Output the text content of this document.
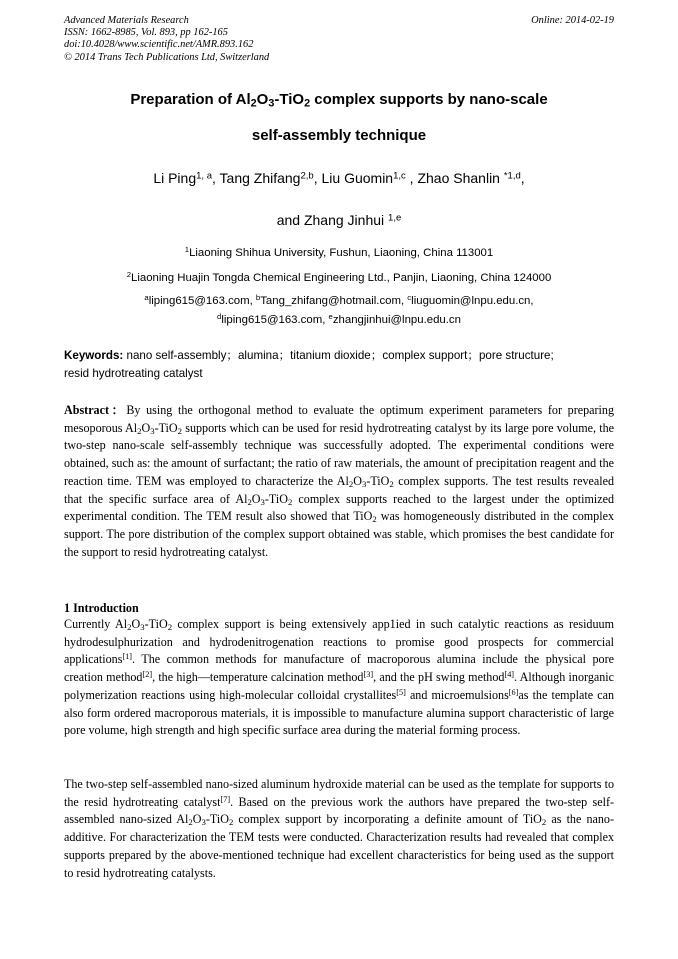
Advanced Materials Research
ISSN: 1662-8985, Vol. 893, pp 162-165
doi:10.4028/www.scientific.net/AMR.893.162
© 2014 Trans Tech Publications Ltd, Switzerland
Online: 2014-02-19
Preparation of $Al_2O_3-TiO_2$ complex supports by nano-scale
self-assembly technique
Li Ping$^{1, a}$, Tang Zhifang$^{2,b}$, Liu Guomin$^{1,c}$ , Zhao Shanlin $^{*1,d}$,
and Zhang Jinhui $^{1,e}$
$^1$Liaoning Shihua University, Fushun, Liaoning, China 113001
$^2$Liaoning Huajin Tongda Chemical Engineering Ltd., Panjin, Liaoning, China 124000
$^a$liping615@163.com, $^b$Tang_zhifang@hotmail.com, $^c$liuguomin@lnpu.edu.cn,
$^d$liping615@163.com, $^e$zhangjinhui@lnpu.edu.cn
Keywords: nano self-assembly；alumina；titanium dioxide；complex support；pore structure;
resid hydrotreating catalyst
Abstract：By using the orthogonal method to evaluate the optimum experiment parameters for preparing mesoporous $Al_2O_3-TiO_2$ supports which can be used for resid hydrotreating catalyst by its large pore volume, the two-step nano-scale self-assembly technique was successfully adopted. The experimental conditions were obtained, such as: the amount of surfactant; the ratio of raw materials, the amount of precipitation reagent and the reaction time. TEM was employed to characterize the $Al_2O_3-TiO_2$ complex supports. The test results revealed that the specific surface area of $Al_2O_3-TiO_2$ complex supports reached to the largest under the optimized experimental condition. The TEM result also showed that TiO$_2$ was homogeneously distributed in the complex support. The pore distribution of the complex support obtained was stable, which promises the best candidate for the support to resid hydrotreating catalyst.
1 Introduction
Currently $Al_2O_3-TiO_2$ complex support is being extensively app1ied in such catalytic reactions as residuum hydrodesulphurization and hydrodenitrogenation reactions to promise good prospects for commercial applications[1]. The common methods for manufacture of macroporous alumina include the physical pore creation method[2], the high—temperature calcination method[3], and the pH swing method[4]. Although inorganic polymerization reactions using high-molecular colloidal crystallites[5] and microemulsions[6]as the template can also form ordered macroporous materials, it is impossible to manufacture alumina support characteristic of large pore volume, high strength and high specific surface area during the material forming process.
The two-step self-assembled nano-sized aluminum hydroxide material can be used as the template for supports to the resid hydrotreating catalyst[7]. Based on the previous work the authors have prepared the two-step self-assembled nano-sized $Al_2O_3-TiO_2$ complex support by incorporating a definite amount of TiO$_2$ as the nano-additive. For characterization the TEM tests were conducted. Characterization results had revealed that complex supports prepared by the above-mentioned technique had excellent characteristics for being used as the support to resid hydrotreating catalysts.
